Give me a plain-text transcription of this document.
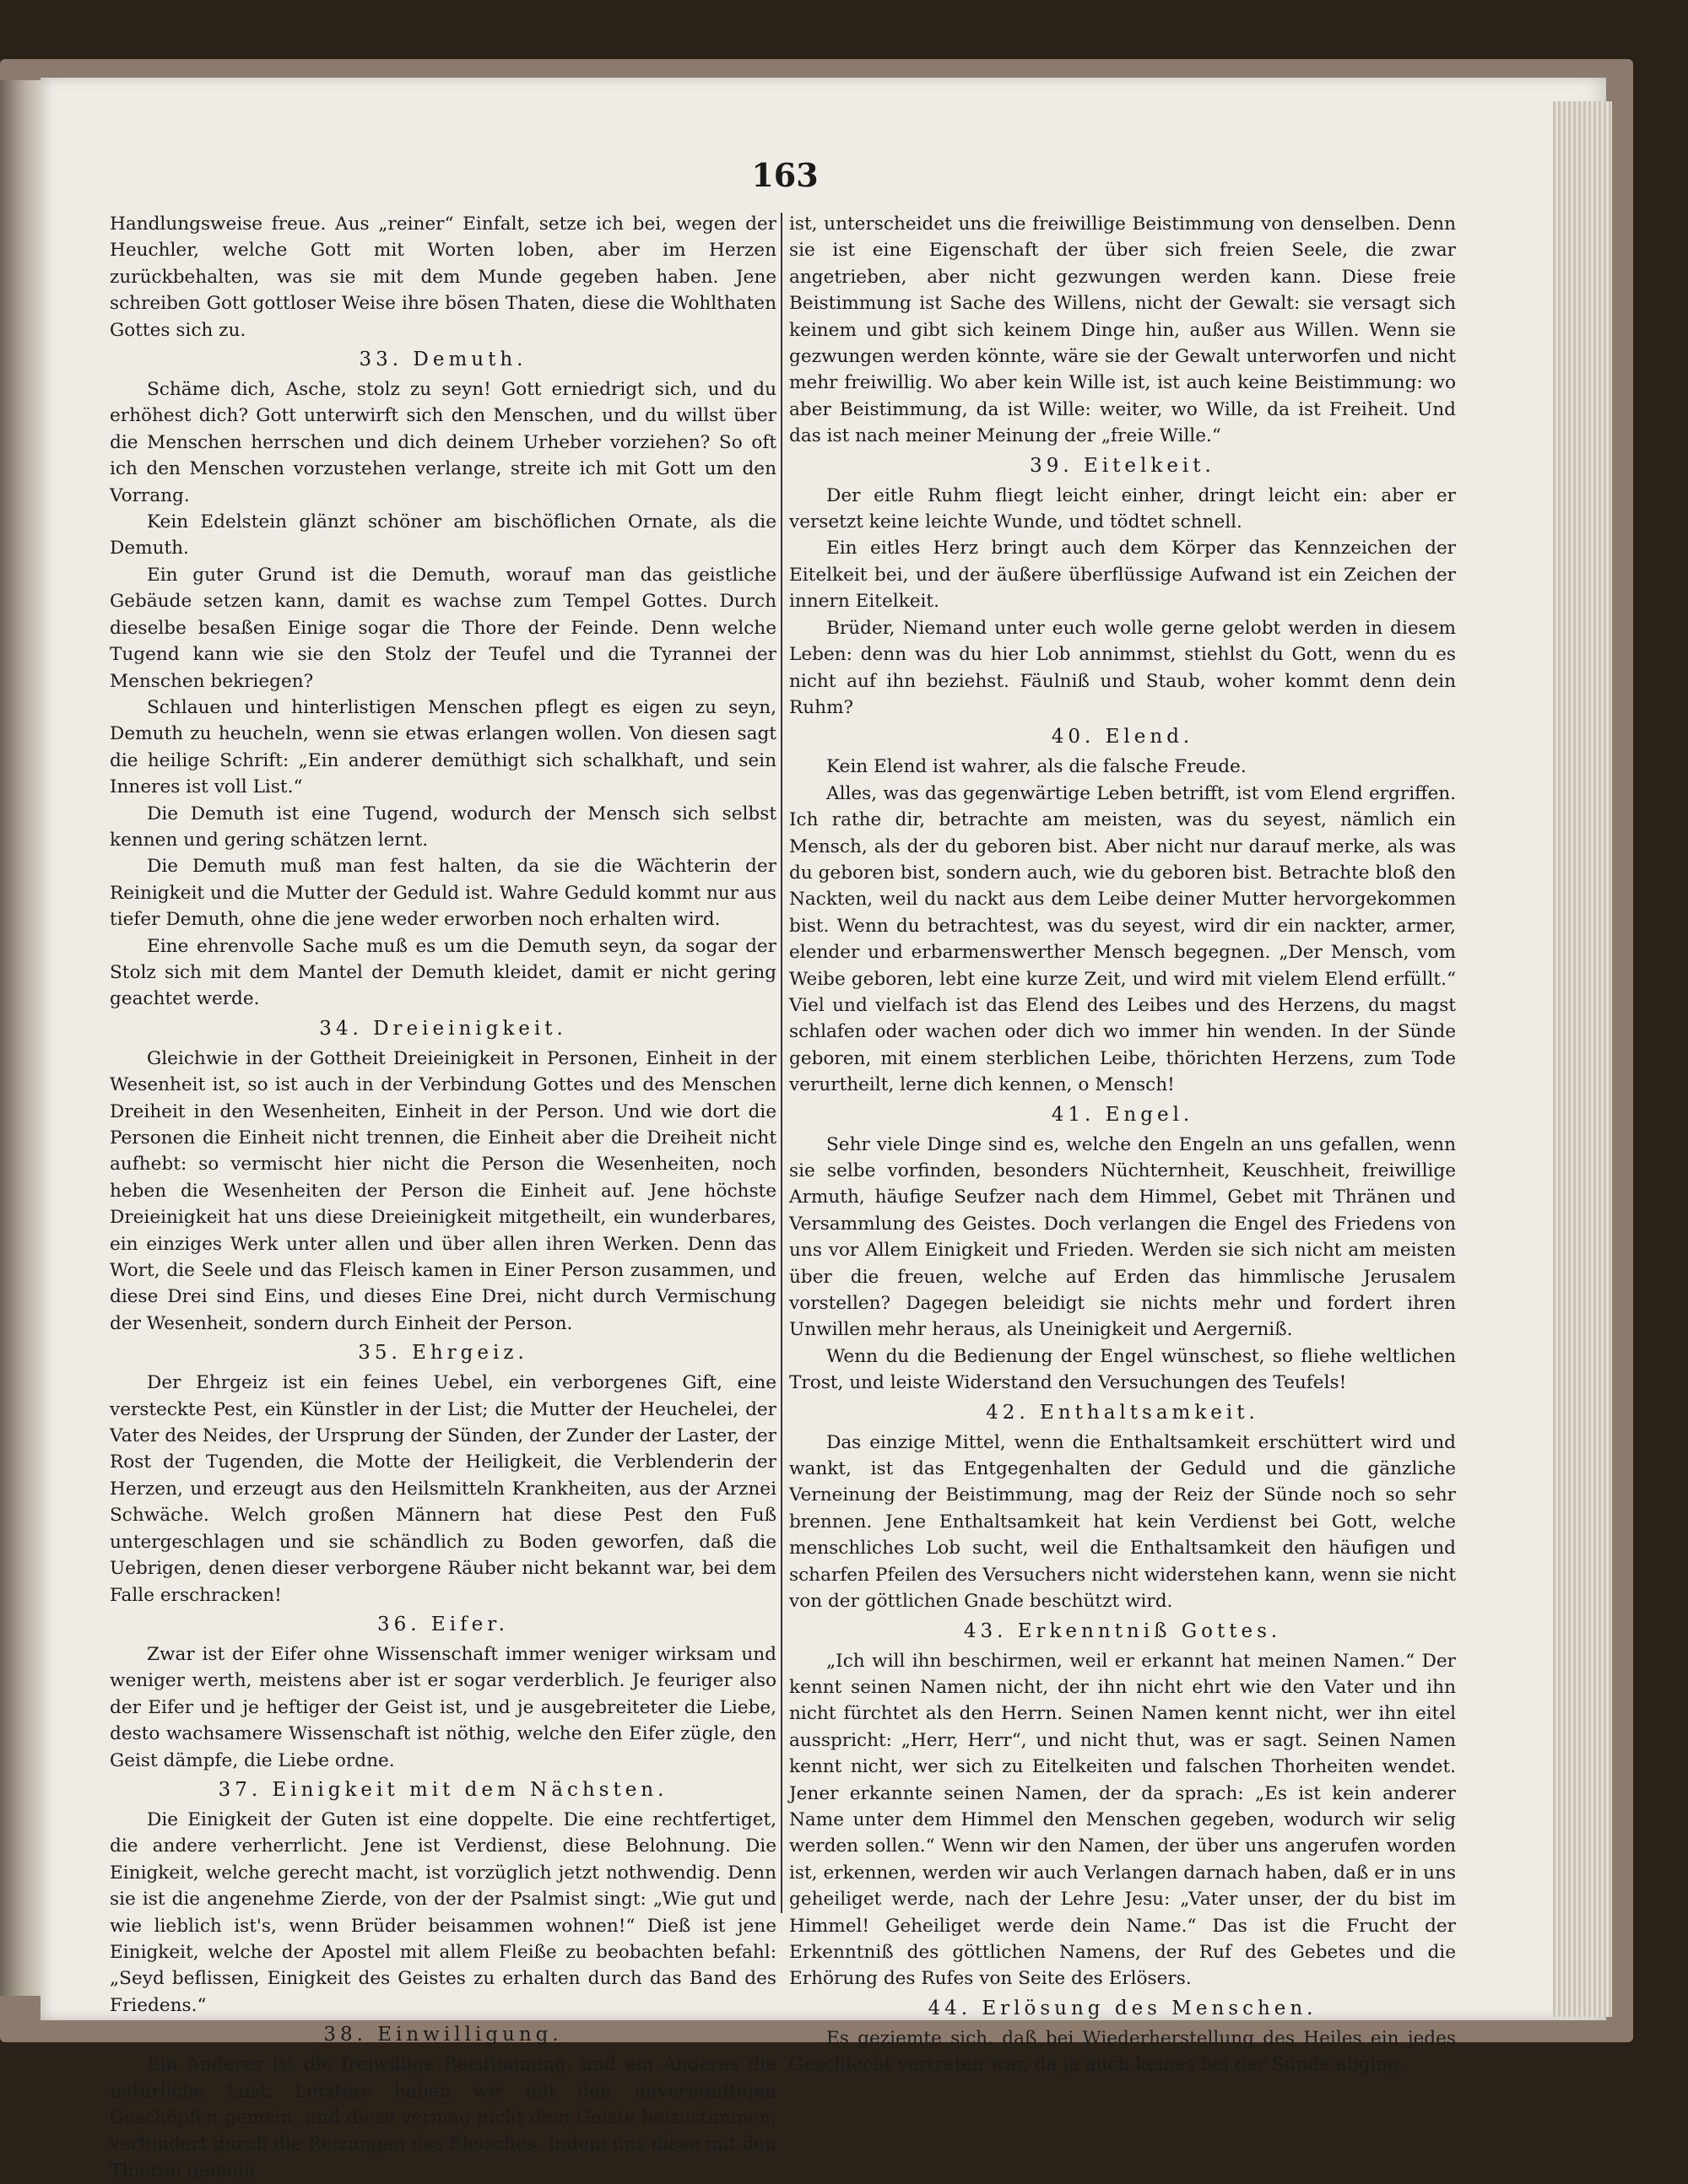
163

Handlungsweise freue. Aus „reiner“ Einfalt, setze ich bei, wegen der Heuchler, welche Gott mit Worten loben, aber im Herzen zurückbehalten, was sie mit dem Munde gegeben haben. Jene schreiben Gott gottloser Weise ihre bösen Thaten, diese die Wohlthaten Gottes sich zu.

33. Demuth.

Schäme dich, Asche, stolz zu seyn! Gott erniedrigt sich, und du erhöhest dich? Gott unterwirft sich den Menschen, und du willst über die Menschen herrschen und dich deinem Urheber vorziehen? So oft ich den Menschen vorzustehen verlange, streite ich mit Gott um den Vorrang.

Kein Edelstein glänzt schöner am bischöflichen Ornate, als die Demuth.

Ein guter Grund ist die Demuth, worauf man das geistliche Gebäude setzen kann, damit es wachse zum Tempel Gottes. Durch dieselbe besaßen Einige sogar die Thore der Feinde. Denn welche Tugend kann wie sie den Stolz der Teufel und die Tyrannei der Menschen bekriegen?

Schlauen und hinterlistigen Menschen pflegt es eigen zu seyn, Demuth zu heucheln, wenn sie etwas erlangen wollen. Von diesen sagt die heilige Schrift: „Ein anderer demüthigt sich schalkhaft, und sein Inneres ist voll List.“

Die Demuth ist eine Tugend, wodurch der Mensch sich selbst kennen und gering schätzen lernt.

Die Demuth muß man fest halten, da sie die Wächterin der Reinigkeit und die Mutter der Geduld ist. Wahre Geduld kommt nur aus tiefer Demuth, ohne die jene weder erworben noch erhalten wird.

Eine ehrenvolle Sache muß es um die Demuth seyn, da sogar der Stolz sich mit dem Mantel der Demuth kleidet, damit er nicht gering geachtet werde.

34. Dreieinigkeit.

Gleichwie in der Gottheit Dreieinigkeit in Personen, Einheit in der Wesenheit ist, so ist auch in der Verbindung Gottes und des Menschen Dreiheit in den Wesenheiten, Einheit in der Person. Und wie dort die Personen die Einheit nicht trennen, die Einheit aber die Dreiheit nicht aufhebt: so vermischt hier nicht die Person die Wesenheiten, noch heben die Wesenheiten der Person die Einheit auf. Jene höchste Dreieinigkeit hat uns diese Dreieinigkeit mitgetheilt, ein wunderbares, ein einziges Werk unter allen und über allen ihren Werken. Denn das Wort, die Seele und das Fleisch kamen in Einer Person zusammen, und diese Drei sind Eins, und dieses Eine Drei, nicht durch Vermischung der Wesenheit, sondern durch Einheit der Person.

35. Ehrgeiz.

Der Ehrgeiz ist ein feines Uebel, ein verborgenes Gift, eine versteckte Pest, ein Künstler in der List; die Mutter der Heuchelei, der Vater des Neides, der Ursprung der Sünden, der Zunder der Laster, der Rost der Tugenden, die Motte der Heiligkeit, die Verblenderin der Herzen, und erzeugt aus den Heilsmitteln Krankheiten, aus der Arznei Schwäche. Welch großen Männern hat diese Pest den Fuß untergeschlagen und sie schändlich zu Boden geworfen, daß die Uebrigen, denen dieser verborgene Räuber nicht bekannt war, bei dem Falle erschracken!

36. Eifer.

Zwar ist der Eifer ohne Wissenschaft immer weniger wirksam und weniger werth, meistens aber ist er sogar verderblich. Je feuriger also der Eifer und je heftiger der Geist ist, und je ausgebreiteter die Liebe, desto wachsamere Wissenschaft ist nöthig, welche den Eifer zügle, den Geist dämpfe, die Liebe ordne.

37. Einigkeit mit dem Nächsten.

Die Einigkeit der Guten ist eine doppelte. Die eine rechtfertiget, die andere verherrlicht. Jene ist Verdienst, diese Belohnung. Die Einigkeit, welche gerecht macht, ist vorzüglich jetzt nothwendig. Denn sie ist die angenehme Zierde, von der der Psalmist singt: „Wie gut und wie lieblich ist's, wenn Brüder beisammen wohnen!“ Dieß ist jene Einigkeit, welche der Apostel mit allem Fleiße zu beobachten befahl: „Seyd beflissen, Einigkeit des Geistes zu erhalten durch das Band des Friedens.“

38. Einwilligung.

Ein Anderes ist die freiwillige Beistimmung, und ein Anderes die natürliche Lust. Letztere haben wir mit den unvernünftigen Geschöpfen gemein, und diese vermag nicht dem Geiste beizustimmen, verhindert durch die Reizungen des Fleisches. Indem uns diese mit den Thieren gemein

ist, unterscheidet uns die freiwillige Beistimmung von denselben. Denn sie ist eine Eigenschaft der über sich freien Seele, die zwar angetrieben, aber nicht gezwungen werden kann. Diese freie Beistimmung ist Sache des Willens, nicht der Gewalt: sie versagt sich keinem und gibt sich keinem Dinge hin, außer aus Willen. Wenn sie gezwungen werden könnte, wäre sie der Gewalt unterworfen und nicht mehr freiwillig. Wo aber kein Wille ist, ist auch keine Beistimmung: wo aber Beistimmung, da ist Wille: weiter, wo Wille, da ist Freiheit. Und das ist nach meiner Meinung der „freie Wille.“

39. Eitelkeit.

Der eitle Ruhm fliegt leicht einher, dringt leicht ein: aber er versetzt keine leichte Wunde, und tödtet schnell.

Ein eitles Herz bringt auch dem Körper das Kennzeichen der Eitelkeit bei, und der äußere überflüssige Aufwand ist ein Zeichen der innern Eitelkeit.

Brüder, Niemand unter euch wolle gerne gelobt werden in diesem Leben: denn was du hier Lob annimmst, stiehlst du Gott, wenn du es nicht auf ihn beziehst. Fäulniß und Staub, woher kommt denn dein Ruhm?

40. Elend.

Kein Elend ist wahrer, als die falsche Freude.

Alles, was das gegenwärtige Leben betrifft, ist vom Elend ergriffen. Ich rathe dir, betrachte am meisten, was du seyest, nämlich ein Mensch, als der du geboren bist. Aber nicht nur darauf merke, als was du geboren bist, sondern auch, wie du geboren bist. Betrachte bloß den Nackten, weil du nackt aus dem Leibe deiner Mutter hervorgekommen bist. Wenn du betrachtest, was du seyest, wird dir ein nackter, armer, elender und erbarmenswerther Mensch begegnen. „Der Mensch, vom Weibe geboren, lebt eine kurze Zeit, und wird mit vielem Elend erfüllt.“ Viel und vielfach ist das Elend des Leibes und des Herzens, du magst schlafen oder wachen oder dich wo immer hin wenden. In der Sünde geboren, mit einem sterblichen Leibe, thörichten Herzens, zum Tode verurtheilt, lerne dich kennen, o Mensch!

41. Engel.

Sehr viele Dinge sind es, welche den Engeln an uns gefallen, wenn sie selbe vorfinden, besonders Nüchternheit, Keuschheit, freiwillige Armuth, häufige Seufzer nach dem Himmel, Gebet mit Thränen und Versammlung des Geistes. Doch verlangen die Engel des Friedens von uns vor Allem Einigkeit und Frieden. Werden sie sich nicht am meisten über die freuen, welche auf Erden das himmlische Jerusalem vorstellen? Dagegen beleidigt sie nichts mehr und fordert ihren Unwillen mehr heraus, als Uneinigkeit und Aergerniß.

Wenn du die Bedienung der Engel wünschest, so fliehe weltlichen Trost, und leiste Widerstand den Versuchungen des Teufels!

42. Enthaltsamkeit.

Das einzige Mittel, wenn die Enthaltsamkeit erschüttert wird und wankt, ist das Entgegenhalten der Geduld und die gänzliche Verneinung der Beistimmung, mag der Reiz der Sünde noch so sehr brennen. Jene Enthaltsamkeit hat kein Verdienst bei Gott, welche menschliches Lob sucht, weil die Enthaltsamkeit den häufigen und scharfen Pfeilen des Versuchers nicht widerstehen kann, wenn sie nicht von der göttlichen Gnade beschützt wird.

43. Erkenntniß Gottes.

„Ich will ihn beschirmen, weil er erkannt hat meinen Namen.“ Der kennt seinen Namen nicht, der ihn nicht ehrt wie den Vater und ihn nicht fürchtet als den Herrn. Seinen Namen kennt nicht, wer ihn eitel ausspricht: „Herr, Herr“, und nicht thut, was er sagt. Seinen Namen kennt nicht, wer sich zu Eitelkeiten und falschen Thorheiten wendet. Jener erkannte seinen Namen, der da sprach: „Es ist kein anderer Name unter dem Himmel den Menschen gegeben, wodurch wir selig werden sollen.“ Wenn wir den Namen, der über uns angerufen worden ist, erkennen, werden wir auch Verlangen darnach haben, daß er in uns geheiliget werde, nach der Lehre Jesu: „Vater unser, der du bist im Himmel! Geheiliget werde dein Name.“ Das ist die Frucht der Erkenntniß des göttlichen Namens, der Ruf des Gebetes und die Erhörung des Rufes von Seite des Erlösers.

44. Erlösung des Menschen.

Es geziemte sich, daß bei Wiederherstellung des Heiles ein jedes Geschlecht vertreten war, da ja auch keines bei der Sünde abging.
